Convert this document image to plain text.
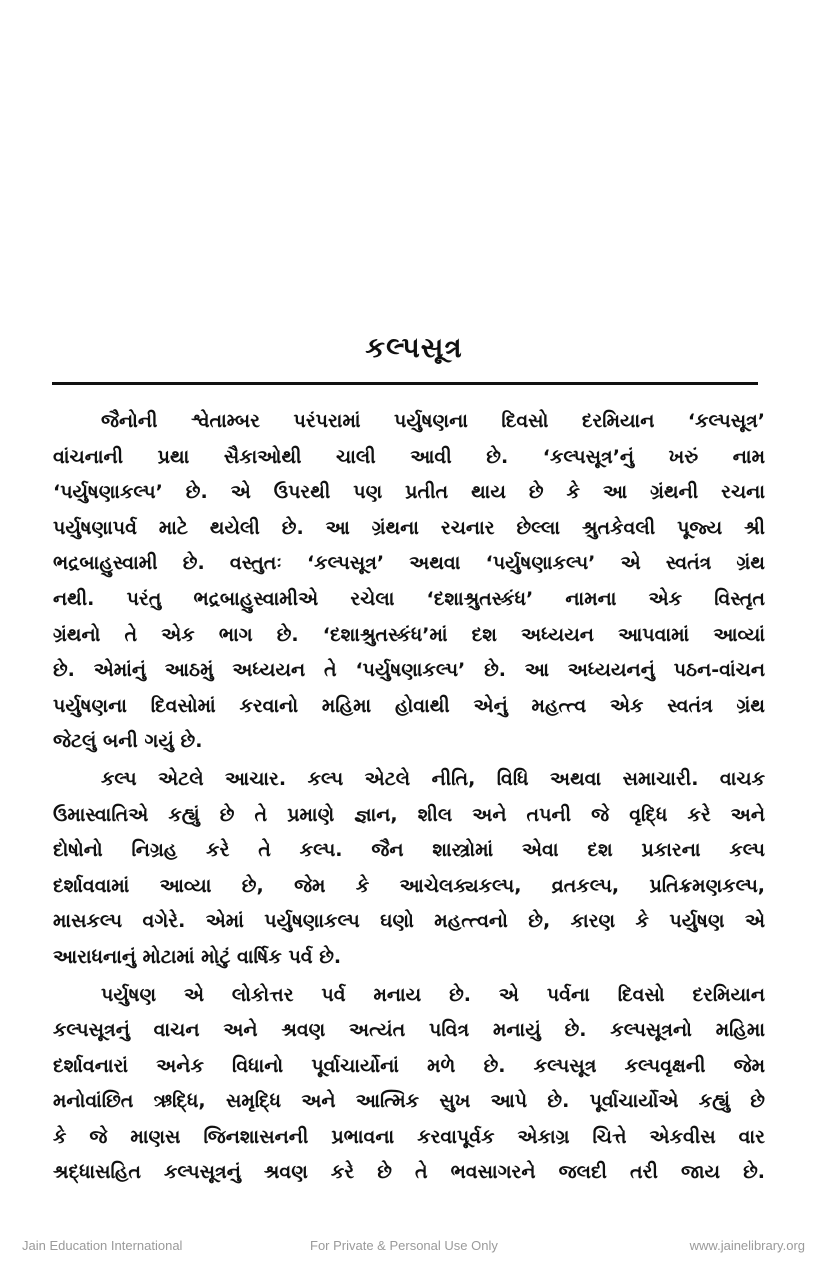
કલ્પસૂત્ર

જૈનોની શ્વેતામ્બર પરંપરામાં પર્યુષણના દિવસો દરમિયાન ‘કલ્પસૂત્ર’
વાંચનાની પ્રથા સૈકાઓથી ચાલી આવી છે. ‘કલ્પસૂત્ર’નું ખરું નામ
‘પર્યુષણાકલ્પ’ છે. એ ઉપરથી પણ પ્રતીત થાય છે કે આ ગ્રંથની રચના
પર્યુષણાપર્વ માટે થયેલી છે. આ ગ્રંથના રચનાર છેલ્લા શ્રુતકેવલી પૂજ્ય શ્રી
ભદ્રબાહુસ્વામી છે. વસ્તુતઃ ‘કલ્પસૂત્ર’ અથવા ‘પર્યુષણાકલ્પ’ એ સ્વતંત્ર ગ્રંથ
નથી. પરંતુ ભદ્રબાહુસ્વામીએ રચેલા ‘દશાશ્રુતસ્કંધ’ નામના એક વિસ્તૃત
ગ્રંથનો તે એક ભાગ છે. ‘દશાશ્રુતસ્કંધ’માં દશ અધ્યયન આપવામાં આવ્યાં
છે. એમાંનું આઠમું અધ્યયન તે ‘પર્યુષણાકલ્પ’ છે. આ અધ્યયનનું પઠન-વાંચન
પર્યુષણના દિવસોમાં કરવાનો મહિમા હોવાથી એનું મહત્ત્વ એક સ્વતંત્ર ગ્રંથ
જેટલું બની ગયું છે.

કલ્પ એટલે આચાર. કલ્પ એટલે નીતિ, વિધિ અથવા સમાચારી. વાચક
ઉમાસ્વાતિએ કહ્યું છે તે પ્રમાણે જ્ઞાન, શીલ અને તપની જે વૃદ્ધિ કરે અને
દોષોનો નિગ્રહ કરે તે કલ્પ. જૈન શાસ્ત્રોમાં એવા દશ પ્રકારના કલ્પ
દર્શાવવામાં આવ્યા છે, જેમ કે આચેલક્યકલ્પ, વ્રતકલ્પ, પ્રતિક્રમણકલ્પ,
માસકલ્પ વગેરે. એમાં પર્યુષણાકલ્પ ઘણો મહત્ત્વનો છે, કારણ કે પર્યુષણ એ
આરાધનાનું મોટામાં મોટું વાર્ષિક પર્વ છે.

પર્યુષણ એ લોકોત્તર પર્વ મનાય છે. એ પર્વના દિવસો દરમિયાન
કલ્પસૂત્રનું વાચન અને શ્રવણ અત્યંત પવિત્ર મનાયું છે. કલ્પસૂત્રનો મહિમા
દર્શાવનારાં અનેક વિધાનો પૂર્વાચાર્યોનાં મળે છે. કલ્પસૂત્ર કલ્પવૃક્ષની જેમ
મનોવાંછિત ઋદ્ધિ, સમૃદ્ધિ અને આત્મિક સુખ આપે છે. પૂર્વાચાર્યોએ કહ્યું છે
કે જે માણસ જિનશાસનની પ્રભાવના કરવાપૂર્વક એકાગ્ર ચિત્તે એકવીસ વાર
શ્રદ્ધાસહિત કલ્પસૂત્રનું શ્રવણ કરે છે તે ભવસાગરને જલદી તરી જાય છે.

Jain Education International	For Private & Personal Use Only	www.jainelibrary.org
